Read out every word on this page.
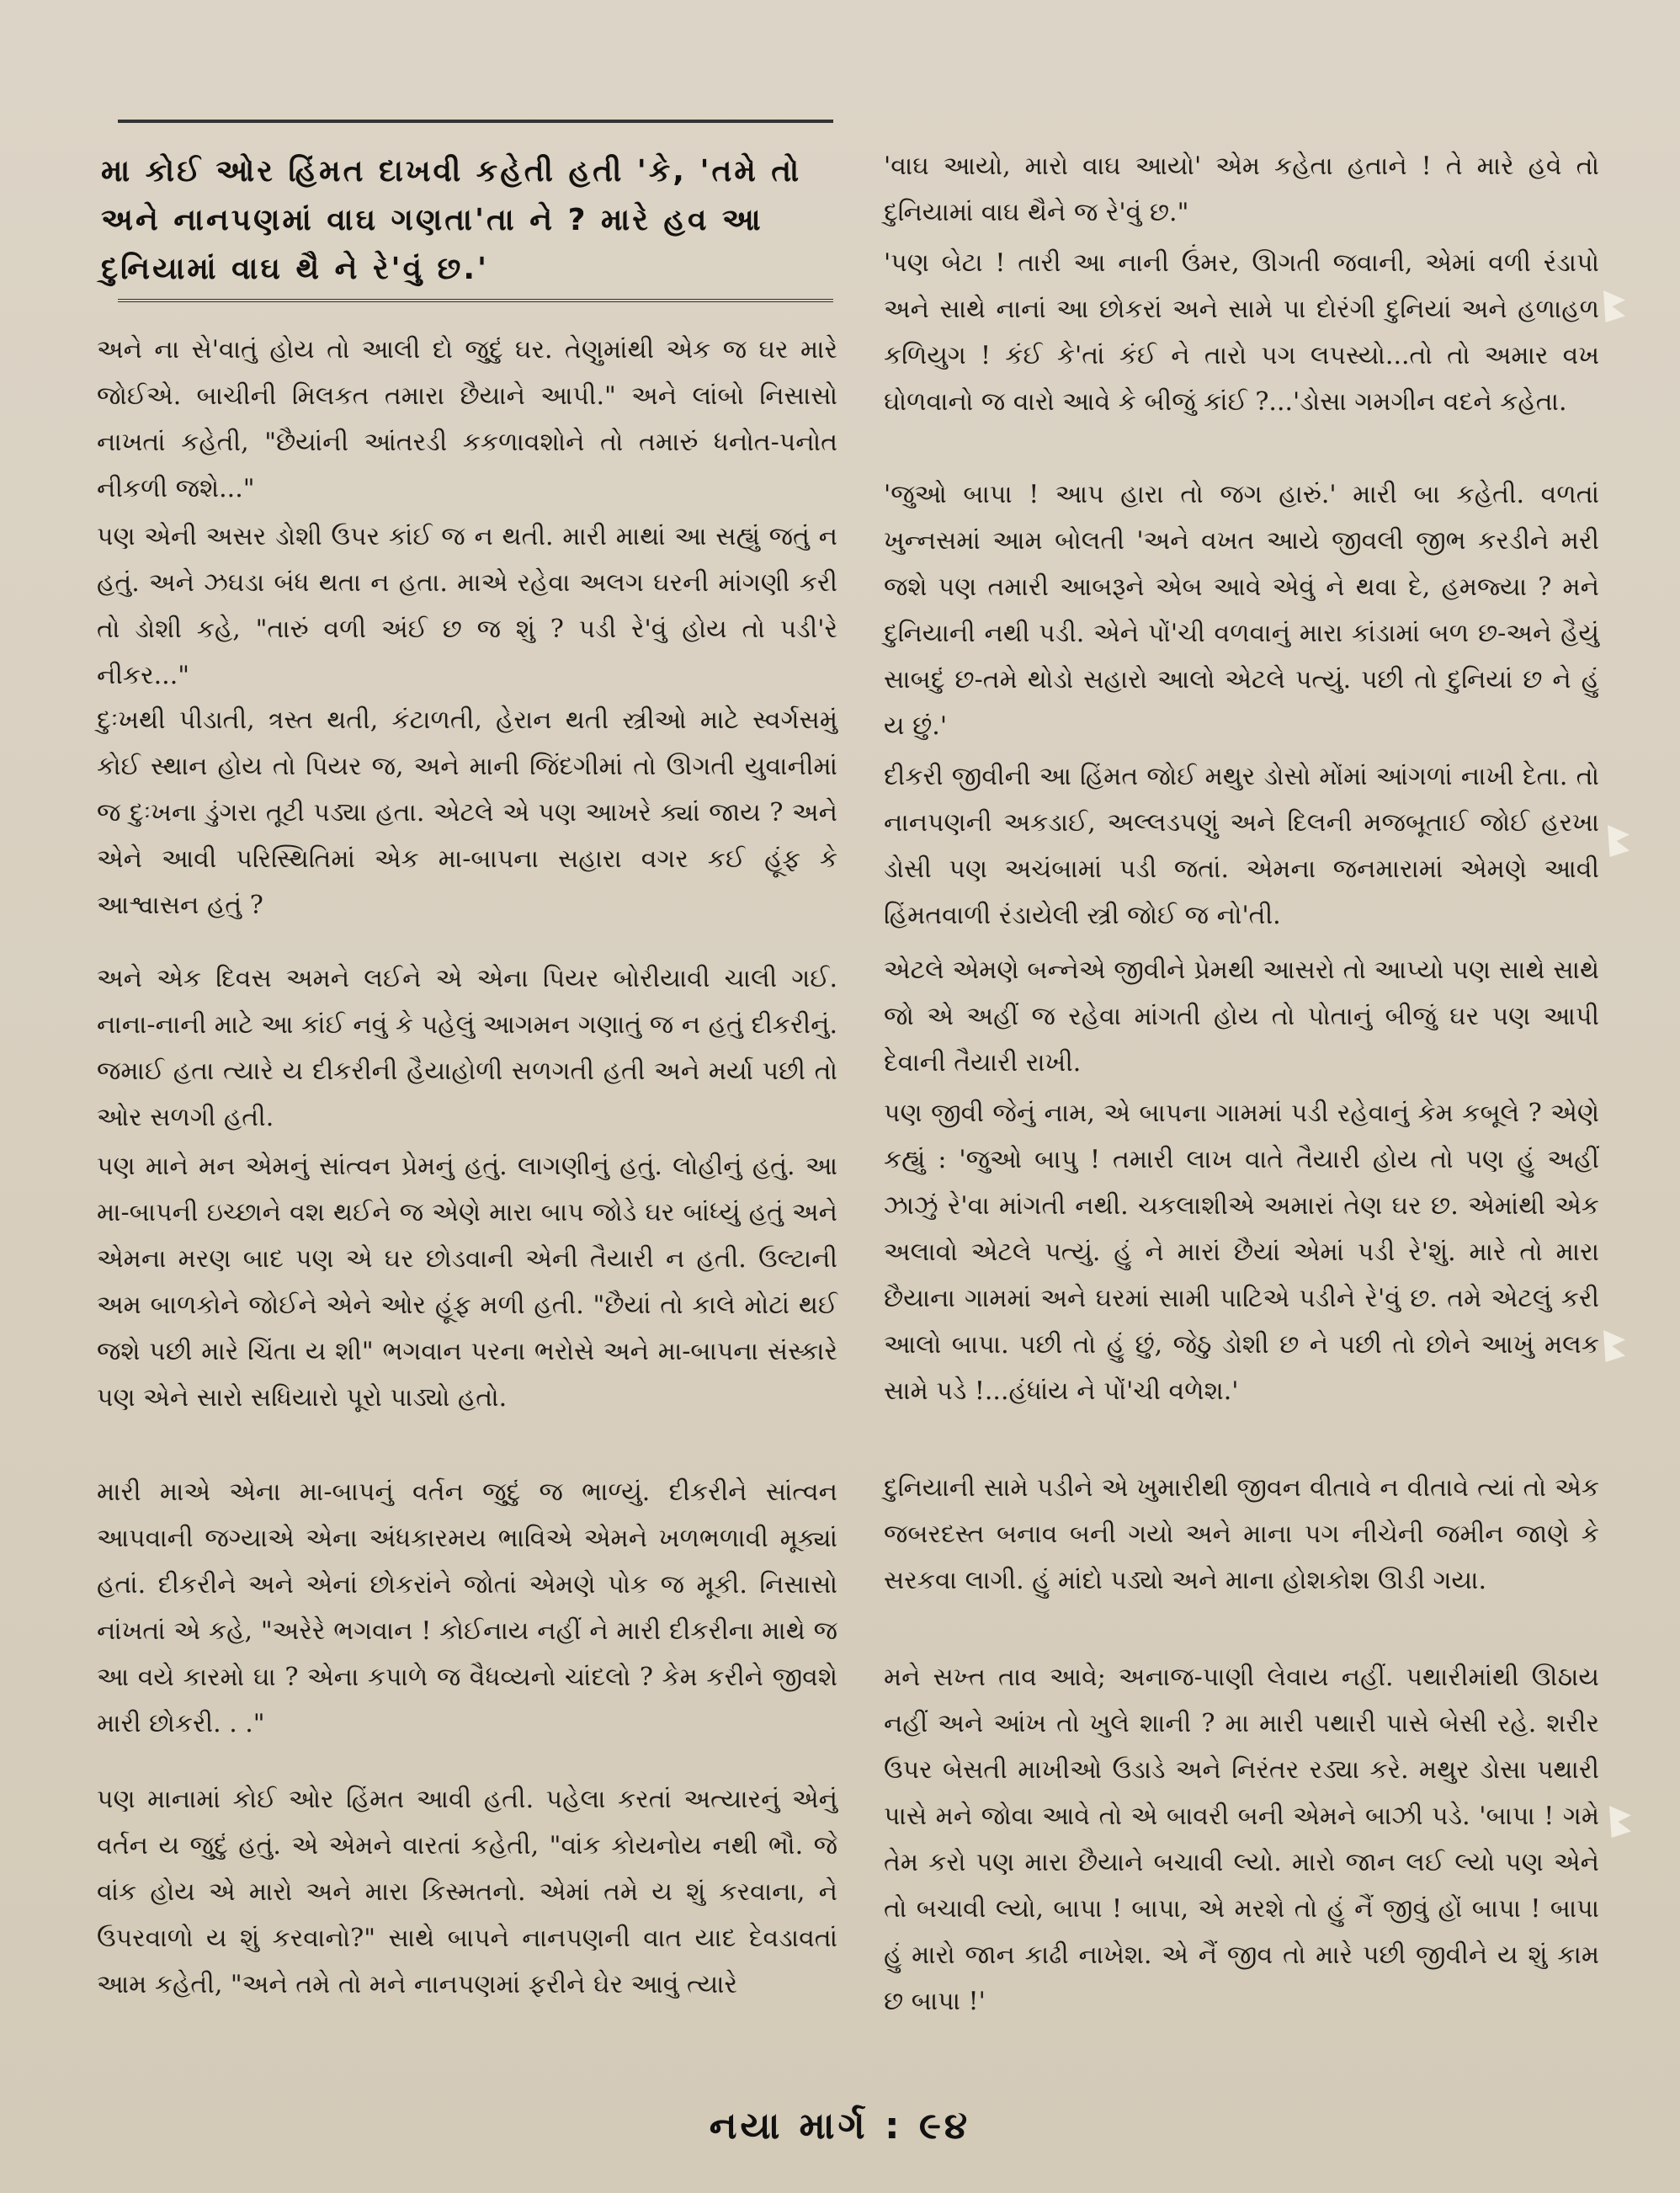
મા કોઈ ઓર હિંમત દાખવી કહેતી હતી 'કે, 'તમે તો અને નાનપણમાં વાઘ ગણતા'તા ને ? મારે હવ આ દુનિયામાં વાઘ થૈ ને રે'વું છ.'

અને ના સે'વાતું હોય તો આલી દો જુદું ઘર. તેણુમાંથી એક જ ઘર મારે જોઈએ. બાચીની મિલકત તમારા છૈયાને આપી." અને લાંબો નિસાસો નાખતાં કહેતી, "છૈયાંની આંતરડી કકળાવશોને તો તમારું ધનોત-પનોત નીકળી જશે..."

પણ એની અસર ડોશી ઉપર કાંઈ જ ન થતી. મારી માથાં આ સહ્યું જતું ન હતું. અને ઝઘડા બંધ થતા ન હતા. માએ રહેવા અલગ ઘરની માંગણી કરી તો ડોશી કહે, "તારું વળી અંઈ છ જ શું ? પડી રે'વું હોય તો પડી'રે નીકર..."

દુઃખથી પીડાતી, ત્રસ્ત થતી, કંટાળતી, હેરાન થતી સ્ત્રીઓ માટે સ્વર્ગસમું કોઈ સ્થાન હોય તો પિયર જ, અને માની જિંદગીમાં તો ઊગતી યુવાનીમાં જ દુઃખના ડુંગરા તૂટી પડ્યા હતા. એટલે એ પણ આખરે ક્યાં જાય ? અને એને આવી પરિસ્થિતિમાં એક મા-બાપના સહારા વગર કઈ હૂંફ કે આશ્વાસન હતું ?

અને એક દિવસ અમને લઈને એ એના પિયર બોરીયાવી ચાલી ગઈ. નાના-નાની માટે આ કાંઈ નવું કે પહેલું આગમન ગણાતું જ ન હતું દીકરીનું. જમાઈ હતા ત્યારે ય દીકરીની હૈયાહોળી સળગતી હતી અને મર્યા પછી તો ઓર સળગી હતી.

પણ માને મન એમનું સાંત્વન પ્રેમનું હતું. લાગણીનું હતું. લોહીનું હતું. આ મા-બાપની ઇચ્છાને વશ થઈને જ એણે મારા બાપ જોડે ઘર બાંધ્યું હતું અને એમના મરણ બાદ પણ એ ઘર છોડવાની એની તૈયારી ન હતી. ઉલ્ટાની અમ બાળકોને જોઈને એને ઓર હૂંફ મળી હતી. "છૈયાં તો કાલે મોટાં થઈ જશે પછી મારે ચિંતા ય શી" ભગવાન પરના ભરોસે અને મા-બાપના સંસ્કારે પણ એને સારો સધિયારો પૂરો પાડ્યો હતો.

મારી માએ એના મા-બાપનું વર્તન જુદું જ ભાળ્યું. દીકરીને સાંત્વન આપવાની જગ્યાએ એના અંધકારમય ભાવિએ એમને ખળભળાવી મૂક્યાં હતાં. દીકરીને અને એનાં છોકરાંને જોતાં એમણે પોક જ મૂકી. નિસાસો નાંખતાં એ કહે, "અરેરે ભગવાન ! કોઈનાય નહીં ને મારી દીકરીના માથે જ આ વયે કારમો ઘા ? એના કપાળે જ વૈધવ્યનો ચાંદલો ? કેમ કરીને જીવશે મારી છોકરી. . ."

પણ માનામાં કોઈ ઓર હિંમત આવી હતી. પહેલા કરતાં અત્યારનું એનું વર્તન ય જુદું હતું. એ એમને વારતાં કહેતી, "વાંક કોયનોય નથી ભૌ. જે વાંક હોય એ મારો અને મારા કિસ્મતનો. એમાં તમે ય શું કરવાના, ને ઉપરવાળો ય શું કરવાનો?" સાથે બાપને નાનપણની વાત યાદ દેવડાવતાં આમ કહેતી, "અને તમે તો મને નાનપણમાં ફરીને ઘેર આવું ત્યારે

'વાઘ આયો, મારો વાઘ આયો' એમ કહેતા હતાને ! તે મારે હવે તો દુનિયામાં વાઘ થૈને જ રે'વું છ."

'પણ બેટા ! તારી આ નાની ઉંમર, ઊગતી જવાની, એમાં વળી રંડાપો અને સાથે નાનાં આ છોકરાં અને સામે પા દોરંગી દુનિયાં અને હળાહળ કળિયુગ ! કંઈ કે'તાં કંઈ ને તારો પગ લપસ્યો...તો તો અમાર વખ ઘોળવાનો જ વારો આવે કે બીજું કાંઈ ?...'ડોસા ગમગીન વદને કહેતા.

'જુઓ બાપા ! આપ હારા તો જગ હારું.' મારી બા કહેતી. વળતાં ખુન્નસમાં આમ બોલતી 'અને વખત આયે જીવલી જીભ કરડીને મરી જશે પણ તમારી આબરૂને એબ આવે એવું ને થવા દે, હમજ્યા ? મને દુનિયાની નથી પડી. એને પોં'ચી વળવાનું મારા કાંડામાં બળ છ-અને હૈયું સાબદું છ-તમે થોડો સહારો આલો એટલે પત્યું. પછી તો દુનિયાં છ ને હું ય છું.'

દીકરી જીવીની આ હિંમત જોઈ મથુર ડોસો મોંમાં આંગળાં નાખી દેતા. તો નાનપણની અકડાઈ, અલ્લડપણું અને દિલની મજબૂતાઈ જોઈ હરખા ડોસી પણ અચંબામાં પડી જતાં. એમના જનમારામાં એમણે આવી હિંમતવાળી રંડાયેલી સ્ત્રી જોઈ જ નો'તી.

એટલે એમણે બન્નેએ જીવીને પ્રેમથી આસરો તો આપ્યો પણ સાથે સાથે જો એ અહીં જ રહેવા માંગતી હોય તો પોતાનું બીજું ઘર પણ આપી દેવાની તૈયારી રાખી.

પણ જીવી જેનું નામ, એ બાપના ગામમાં પડી રહેવાનું કેમ કબૂલે ? એણે કહ્યું : 'જુઓ બાપુ ! તમારી લાખ વાતે તૈયારી હોય તો પણ હું અહીં ઝાઝું રે'વા માંગતી નથી. ચકલાશીએ અમારાં તેણ ઘર છ. એમાંથી એક અલાવો એટલે પત્યું. હું ને મારાં છૈયાં એમાં પડી રે'શું. મારે તો મારા છૈયાના ગામમાં અને ઘરમાં સામી પાટિએ પડીને રે'વું છ. તમે એટલું કરી આલો બાપા. પછી તો હું છું, જેઠુ ડોશી છ ને પછી તો છોને આખું મલક સામે પડે !...હંધાંય ને પોં'ચી વળેશ.'

દુનિયાની સામે પડીને એ ખુમારીથી જીવન વીતાવે ન વીતાવે ત્યાં તો એક જબરદસ્ત બનાવ બની ગયો અને માના પગ નીચેની જમીન જાણે કે સરકવા લાગી. હું માંદો પડ્યો અને માના હોશકોશ ઊડી ગયા.

મને સખ્ત તાવ આવે; અનાજ-પાણી લેવાય નહીં. પથારીમાંથી ઊઠાય નહીં અને આંખ તો ખુલે શાની ? મા મારી પથારી પાસે બેસી રહે. શરીર ઉપર બેસતી માખીઓ ઉડાડે અને નિરંતર રડ્યા કરે. મથુર ડોસા પથારી પાસે મને જોવા આવે તો એ બાવરી બની એમને બાઝી પડે. 'બાપા ! ગમે તેમ કરો પણ મારા છૈયાને બચાવી લ્યો. મારો જાન લઈ લ્યો પણ એને તો બચાવી લ્યો, બાપા ! બાપા, એ મરશે તો હું નૈં જીવું હોં બાપા ! બાપા હું મારો જાન કાઢી નાખેશ. એ નૈં જીવ તો મારે પછી જીવીને ય શું કામ છ બાપા !'

નયા માર્ગ : ૯૪
